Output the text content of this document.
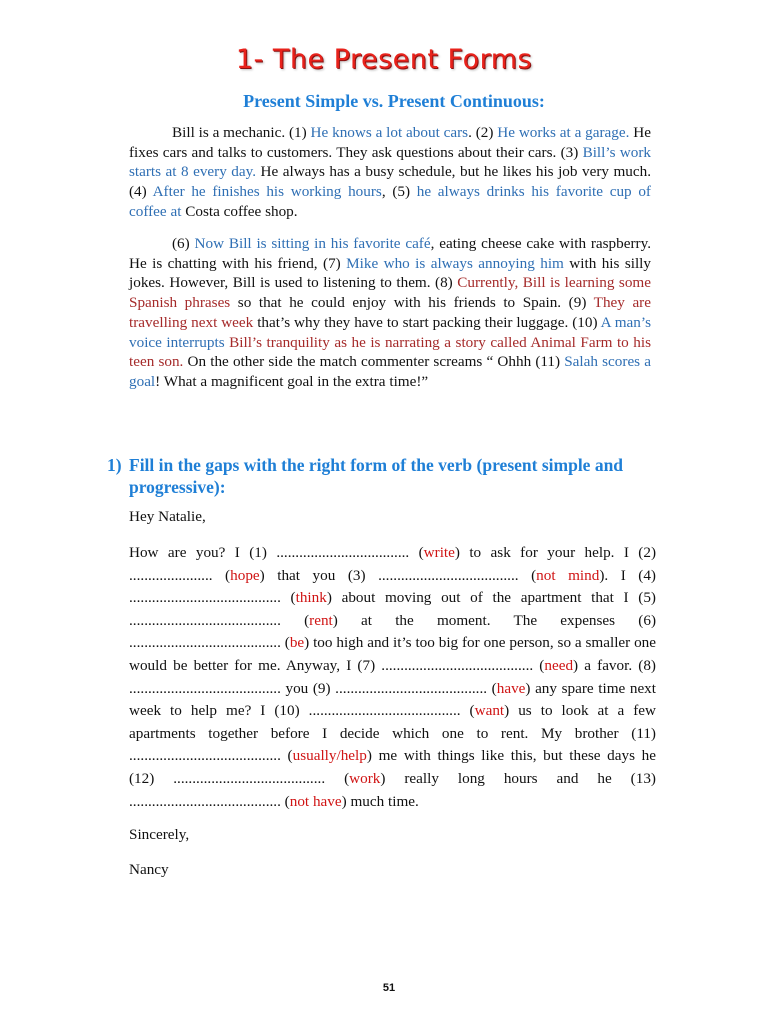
1- The Present Forms
Present Simple vs. Present Continuous:

Bill is a mechanic. (1) He knows a lot about cars. (2) He works at a garage. He fixes cars and talks to customers. They ask questions about their cars. (3) Bill’s work starts at 8 every day. He always has a busy schedule, but he likes his job very much. (4) After he finishes his working hours, (5) he always drinks his favorite cup of coffee at Costa coffee shop.

(6) Now Bill is sitting in his favorite café, eating cheese cake with raspberry. He is chatting with his friend, (7) Mike who is always annoying him with his silly jokes. However, Bill is used to listening to them. (8) Currently, Bill is learning some Spanish phrases so that he could enjoy with his friends to Spain. (9) They are travelling next week that’s why they have to start packing their luggage. (10) A man’s voice interrupts Bill’s tranquility as he is narrating a story called Animal Farm to his teen son. On the other side the match commenter screams “ Ohhh (11) Salah scores a goal! What a magnificent goal in the extra time!”

1) Fill in the gaps with the right form of the verb (present simple and progressive):

Hey Natalie,

How are you? I (1) ................................... (write) to ask for your help. I (2) ...................... (hope) that you (3) ..................................... (not mind). I (4) ........................................ (think) about moving out of the apartment that I (5) ........................................ (rent) at the moment. The expenses (6) ........................................ (be) too high and it’s too big for one person, so a smaller one would be better for me. Anyway, I (7) ........................................ (need) a favor. (8) ........................................ you (9) ........................................ (have) any spare time next week to help me? I (10) ........................................ (want) us to look at a few apartments together before I decide which one to rent. My brother (11) ........................................ (usually/help) me with things like this, but these days he (12) ........................................ (work) really long hours and he (13) ........................................ (not have) much time.

Sincerely,

Nancy

51
